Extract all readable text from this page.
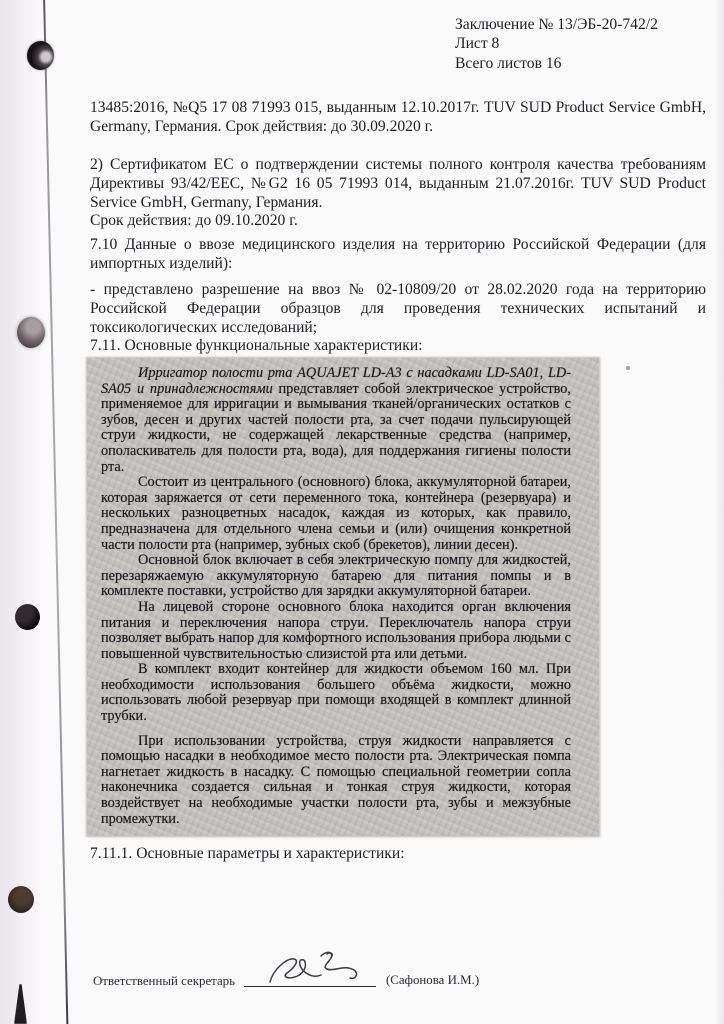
Заключение № 13/ЭБ-20-742/2
Лист 8
Всего листов 16
13485:2016, №Q5 17 08 71993 015, выданным 12.10.2017г. TUV SUD Product Service GmbH, Germany, Германия. Срок действия: до 30.09.2020 г.
2) Сертификатом ЕС о подтверждении системы полного контроля качества требованиям Директивы 93/42/EEC, №G2 16 05 71993 014, выданным 21.07.2016г. TUV SUD Product Service GmbH, Germany, Германия.
Срок действия: до 09.10.2020 г.
7.10 Данные о ввозе медицинского изделия на территорию Российской Федерации (для импортных изделий):
- представлено разрешение на ввоз № 02-10809/20 от 28.02.2020 года на территорию Российской Федерации образцов для проведения технических испытаний и токсикологических исследований;
7.11. Основные функциональные характеристики:

Ирригатор полости рта AQUAJET LD-A3 с насадками LD-SA01, LD-SA05 и принадлежностями представляет собой электрическое устройство, применяемое для ирригации и вымывания тканей/органических остатков с зубов, десен и других частей полости рта, за счет подачи пульсирующей струи жидкости, не содержащей лекарственные средства (например, ополаскиватель для полости рта, вода), для поддержания гигиены полости рта.

Состоит из центрального (основного) блока, аккумуляторной батареи, которая заряжается от сети переменного тока, контейнера (резервуара) и нескольких разноцветных насадок, каждая из которых, как правило, предназначена для отдельного члена семьи и (или) очищения конкретной части полости рта (например, зубных скоб (брекетов), линии десен).

Основной блок включает в себя электрическую помпу для жидкостей, перезаряжаемую аккумуляторную батарею для питания помпы и в комплекте поставки, устройство для зарядки аккумуляторной батареи.

На лицевой стороне основного блока находится орган включения питания и переключения напора струи. Переключатель напора струи позволяет выбрать напор для комфортного использования прибора людьми с повышенной чувствительностью слизистой рта или детьми.

В комплект входит контейнер для жидкости объемом 160 мл. При необходимости использования большего объёма жидкости, можно использовать любой резервуар при помощи входящей в комплект длинной трубки.

При использовании устройства, струя жидкости направляется с помощью насадки в необходимое место полости рта. Электрическая помпа нагнетает жидкость в насадку. С помощью специальной геометрии сопла наконечника создается сильная и тонкая струя жидкости, которая воздействует на необходимые участки полости рта, зубы и межзубные промежутки.

7.11.1. Основные параметры и характеристики:
Ответственный секретарь	(Сафонова И.М.)
